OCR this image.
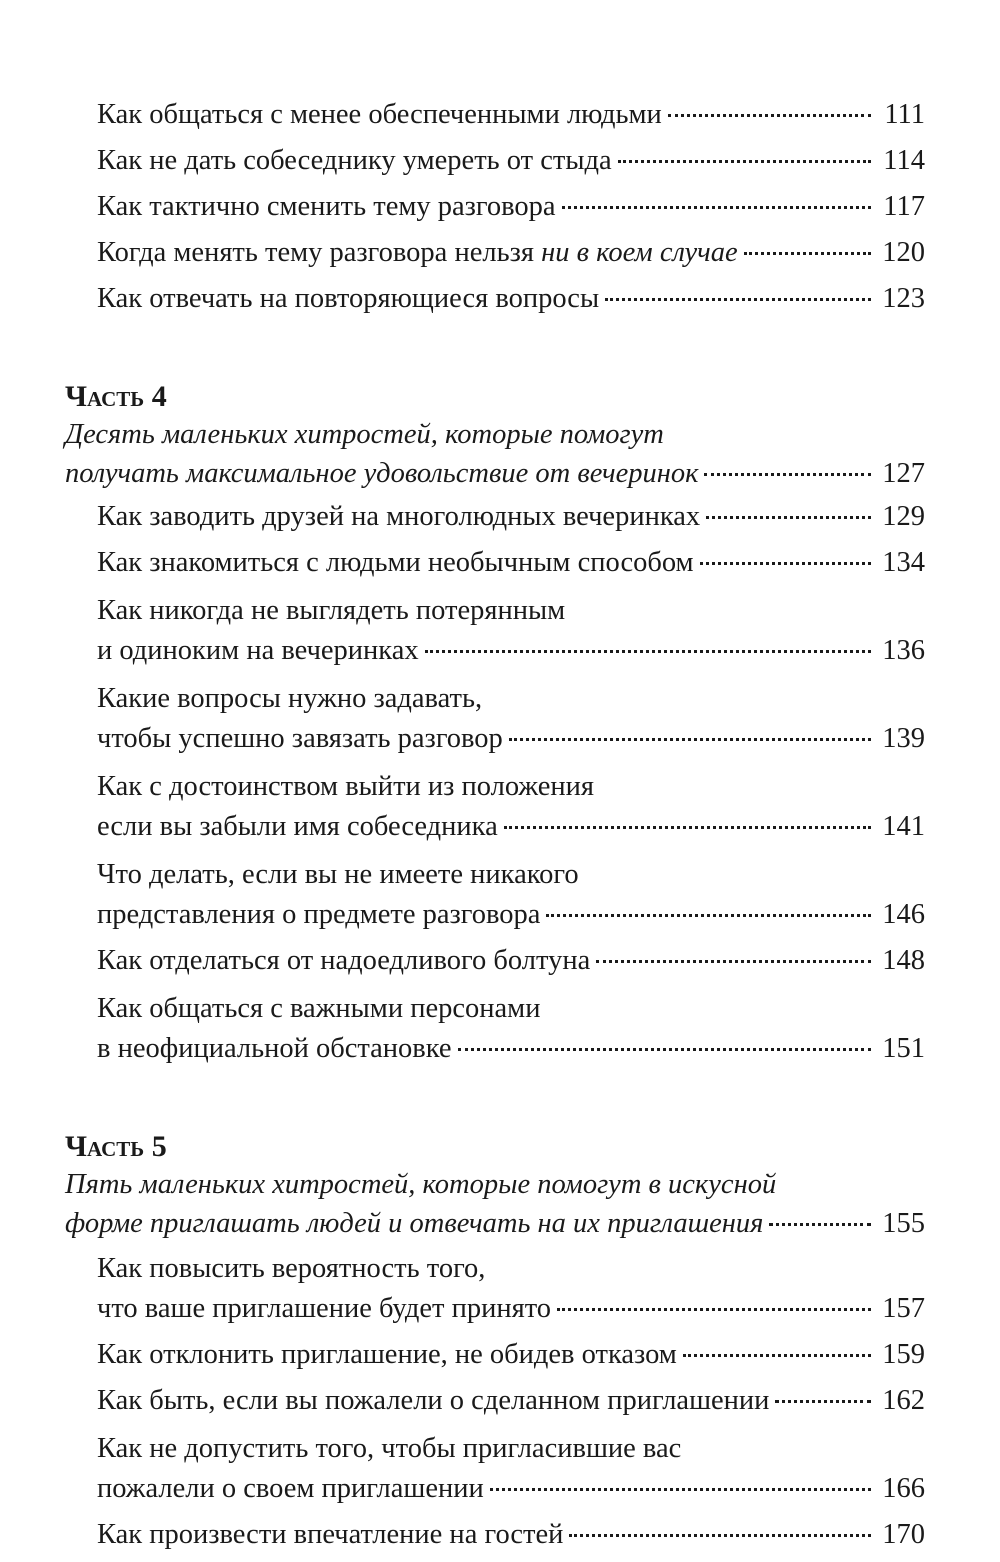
Как общаться с менее обеспеченными людьми	111
Как не дать собеседнику умереть от стыда	114
Как тактично сменить тему разговора	117
Когда менять тему разговора нельзя ни в коем случае	120
Как отвечать на повторяющиеся вопросы	123
Часть 4
Десять маленьких хитростей, которые помогут
получать максимальное удовольствие от вечеринок	127
Как заводить друзей на многолюдных вечеринках	129
Как знакомиться с людьми необычным способом	134
Как никогда не выглядеть потерянным
и одиноким на вечеринках	136
Какие вопросы нужно задавать,
чтобы успешно завязать разговор	139
Как с достоинством выйти из положения
если вы забыли имя собеседника	141
Что делать, если вы не имеете никакого
представления о предмете разговора	146
Как отделаться от надоедливого болтуна	148
Как общаться с важными персонами
в неофициальной обстановке	151
Часть 5
Пять маленьких хитростей, которые помогут в искусной
форме приглашать людей и отвечать на их приглашения	155
Как повысить вероятность того,
что ваше приглашение будет принято	157
Как отклонить приглашение, не обидев отказом	159
Как быть, если вы пожалели о сделанном приглашении	162
Как не допустить того, чтобы пригласившие вас
пожалели о своем приглашении	166
Как произвести впечатление на гостей	170
